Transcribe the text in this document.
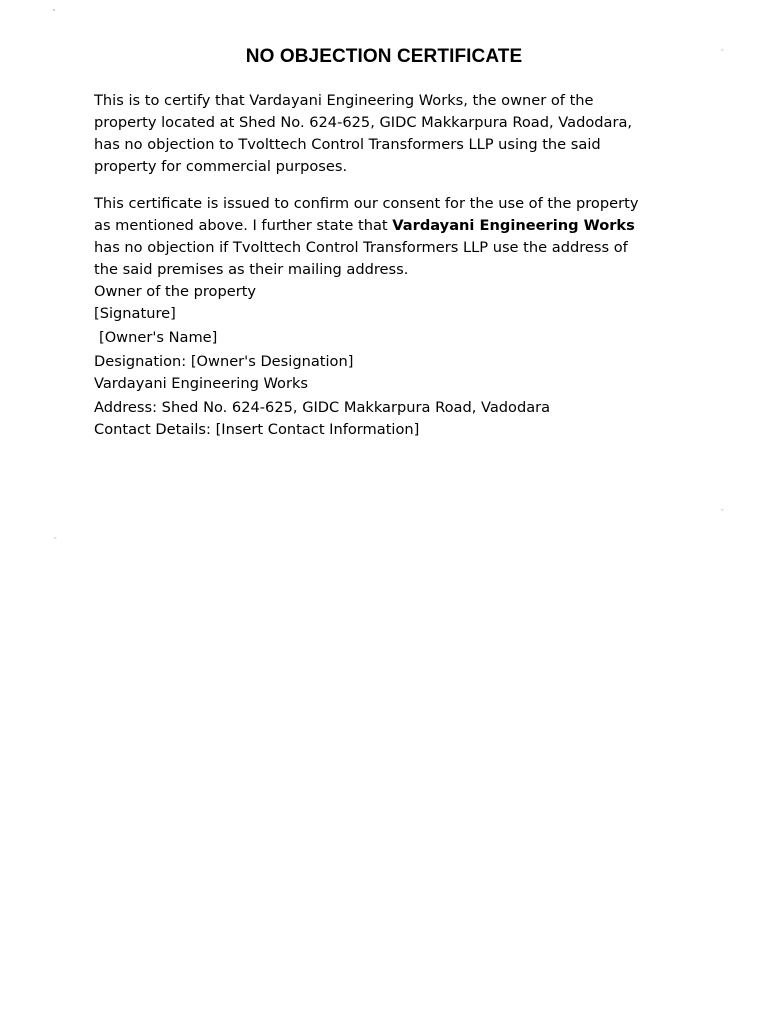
`
˄
˅
˂
NO OBJECTION CERTIFICATE

This is to certify that Vardayani Engineering Works, the owner of the
property located at Shed No. 624-625, GIDC Makkarpura Road, Vadodara,
has no objection to Tvolttech Control Transformers LLP using the said
property for commercial purposes.

This certificate is issued to confirm our consent for the use of the property
as mentioned above. I further state that Vardayani Engineering Works
has no objection if Tvolttech Control Transformers LLP use the address of
the said premises as their mailing address.

Owner of the property
[Signature]
[Owner's Name]
Designation: [Owner's Designation]
Vardayani Engineering Works
Address: Shed No. 624-625, GIDC Makkarpura Road, Vadodara
Contact Details: [Insert Contact Information]
